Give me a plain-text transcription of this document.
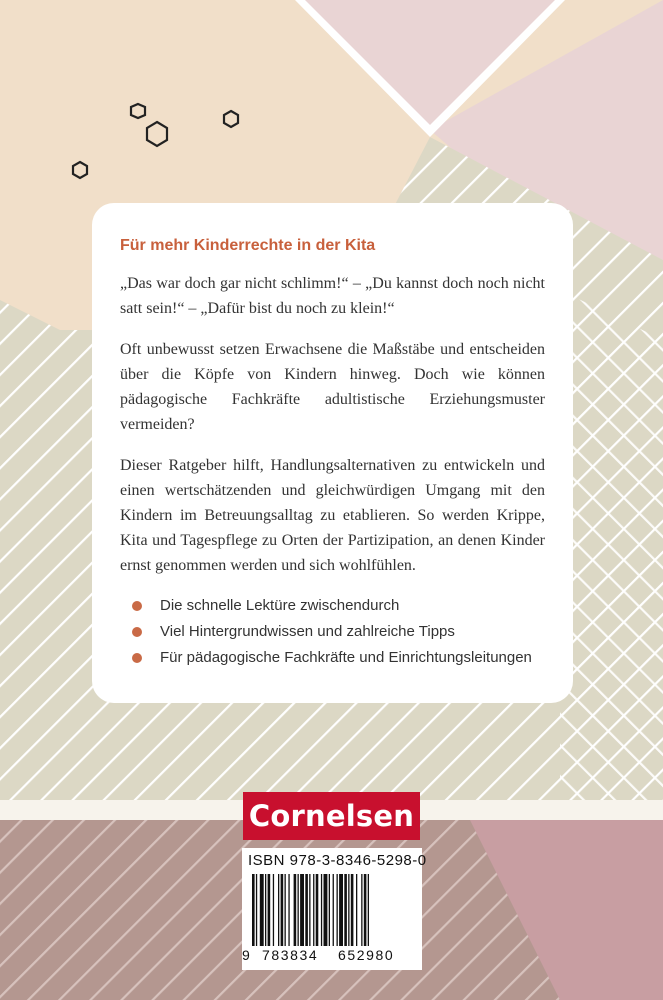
Für mehr Kinderrechte in der Kita

„Das war doch gar nicht schlimm!“ – „Du kannst doch noch nicht satt sein!“ – „Dafür bist du noch zu klein!“

Oft unbewusst setzen Erwachsene die Maßstäbe und entscheiden über die Köpfe von Kindern hinweg. Doch wie können pädagogische Fachkräfte adultistische Erziehungsmuster vermeiden?

Dieser Ratgeber hilft, Handlungsalternativen zu entwickeln und einen wertschätzenden und gleichwürdigen Umgang mit den Kindern im Betreuungsalltag zu etablieren. So werden Krippe, Kita und Tagespflege zu Orten der Partizipation, an denen Kinder ernst genommen werden und sich wohlfühlen.

Die schnelle Lektüre zwischendurch
Viel Hintergrundwissen und zahlreiche Tipps
Für pädagogische Fachkräfte und Einrichtungsleitungen
Cornelsen
ISBN 978-3-8346-5298-0
9 783834 652980
